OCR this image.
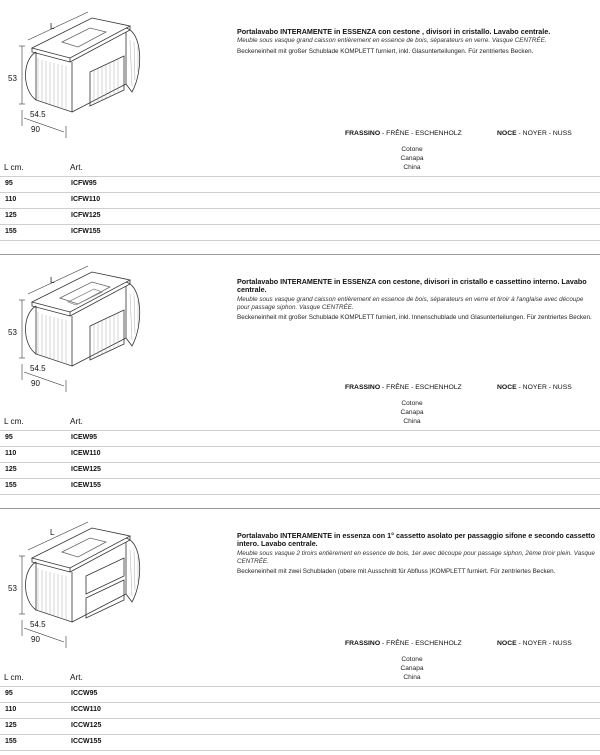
L
53
54.5
90
Portalavabo INTERAMENTE in ESSENZA con cestone , divisori in cristallo. Lavabo centrale.
Meuble sous vasque grand caisson entièrement en essence de bois, séparateurs en verre. Vasque CENTRÉE.
Beckeneinheit mit großer Schublade KOMPLETT furniert, inkl. Glasunterteilungen. Für zentriertes Becken.
FRASSINO - FRÊNE - ESCHENHOLZ	NOCE - NOYER - NUSS
Cotone
Canapa
China
L cm.	Art.
95	ICFW95
110	ICFW110
125	ICFW125
155	ICFW155
L
53
54.5
90
Portalavabo INTERAMENTE in ESSENZA con cestone, divisori in cristallo e cassettino interno. Lavabo centrale.
Meuble sous vasque grand caisson entièrement en essence de bois, séparateurs en verre et tiroir à l'anglaise avec découpe pour passage siphon. Vasque CENTRÉE.
Beckeneinheit mit großer Schublade KOMPLETT furniert, inkl. Innenschublade und Glasunterteilungen. Für zentriertes Becken.
FRASSINO - FRÊNE - ESCHENHOLZ	NOCE - NOYER - NUSS
Cotone
Canapa
China
L cm.	Art.
95	ICEW95
110	ICEW110
125	ICEW125
155	ICEW155
L
53
54.5
90
Portalavabo INTERAMENTE in essenza con 1° cassetto asolato per passaggio sifone e secondo cassetto intero. Lavabo centrale.
Meuble sous vasque 2 tiroirs entièrement en essence de bois, 1er avec découpe pour passage siphon, 2ème tiroir plein. Vasque CENTRÉE.
Beckeneinheit mit zwei Schubladen (obere mit Ausschnitt für Abfluss )KOMPLETT furniert. Für zentriertes Becken.
FRASSINO - FRÊNE - ESCHENHOLZ	NOCE - NOYER - NUSS
Cotone
Canapa
China
L cm.	Art.
95	ICCW95
110	ICCW110
125	ICCW125
155	ICCW155
